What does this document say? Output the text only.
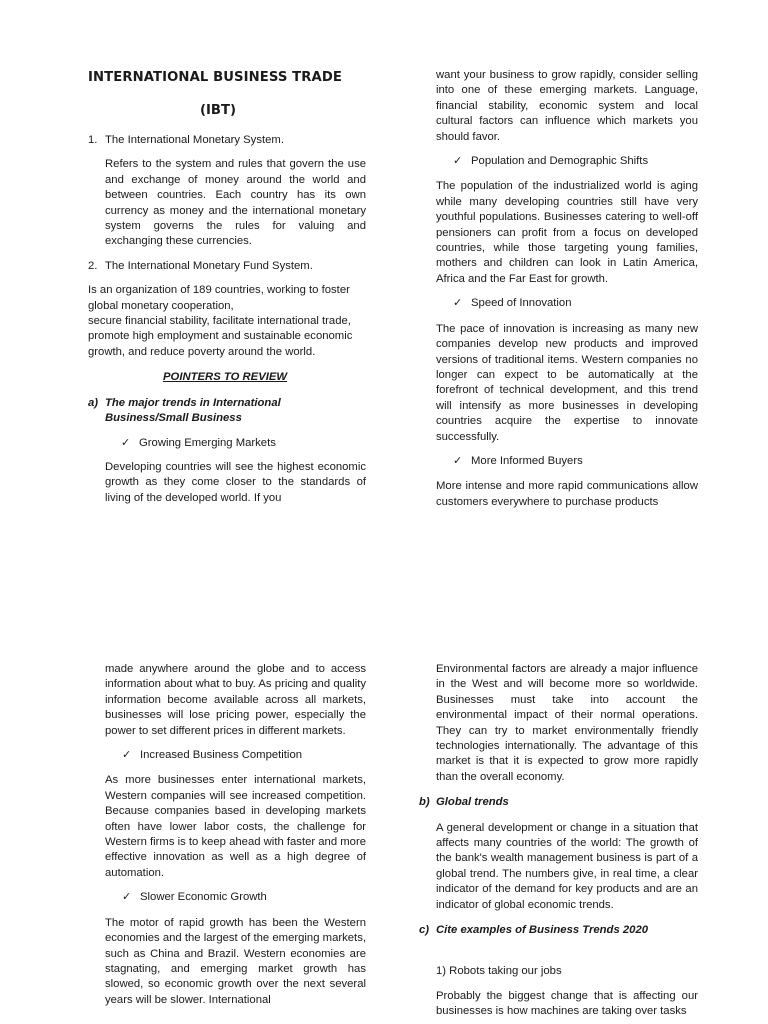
INTERNATIONAL BUSINESS TRADE
(IBT)

1. The International Monetary System.

Refers to the system and rules that govern the use and exchange of money around the world and between countries. Each country has its own currency as money and the international monetary system governs the rules for valuing and exchanging these currencies.

2. The International Monetary Fund System.

Is an organization of 189 countries, working to foster global monetary cooperation,

secure financial stability, facilitate international trade, promote high employment and sustainable economic growth, and reduce poverty around the world.

POINTERS TO REVIEW

a) The major trends in International Business/Small Business

✓ Growing Emerging Markets

Developing countries will see the highest economic growth as they come closer to the standards of living of the developed world. If you

want your business to grow rapidly, consider selling into one of these emerging markets. Language, financial stability, economic system and local cultural factors can influence which markets you should favor.

✓ Population and Demographic Shifts

The population of the industrialized world is aging while many developing countries still have very youthful populations. Businesses catering to well-off pensioners can profit from a focus on developed countries, while those targeting young families, mothers and children can look in Latin America, Africa and the Far East for growth.

✓ Speed of Innovation

The pace of innovation is increasing as many new companies develop new products and improved versions of traditional items. Western companies no longer can expect to be automatically at the forefront of technical development, and this trend will intensify as more businesses in developing countries acquire the expertise to innovate successfully.

✓ More Informed Buyers

More intense and more rapid communications allow customers everywhere to purchase products

made anywhere around the globe and to access information about what to buy. As pricing and quality information become available across all markets, businesses will lose pricing power, especially the power to set different prices in different markets.

✓ Increased Business Competition

As more businesses enter international markets, Western companies will see increased competition. Because companies based in developing markets often have lower labor costs, the challenge for Western firms is to keep ahead with faster and more effective innovation as well as a high degree of automation.

✓ Slower Economic Growth

The motor of rapid growth has been the Western economies and the largest of the emerging markets, such as China and Brazil. Western economies are stagnating, and emerging market growth has slowed, so economic growth over the next several years will be slower. International

Environmental factors are already a major influence in the West and will become more so worldwide. Businesses must take into account the environmental impact of their normal operations. They can try to market environmentally friendly technologies internationally. The advantage of this market is that it is expected to grow more rapidly than the overall economy.

b) Global trends

A general development or change in a situation that affects many countries of the world: The growth of the bank's wealth management business is part of a global trend. The numbers give, in real time, a clear indicator of the demand for key products and are an indicator of global economic trends.

c) Cite examples of Business Trends 2020

1) Robots taking our jobs

Probably the biggest change that is affecting our businesses is how machines are taking over tasks
